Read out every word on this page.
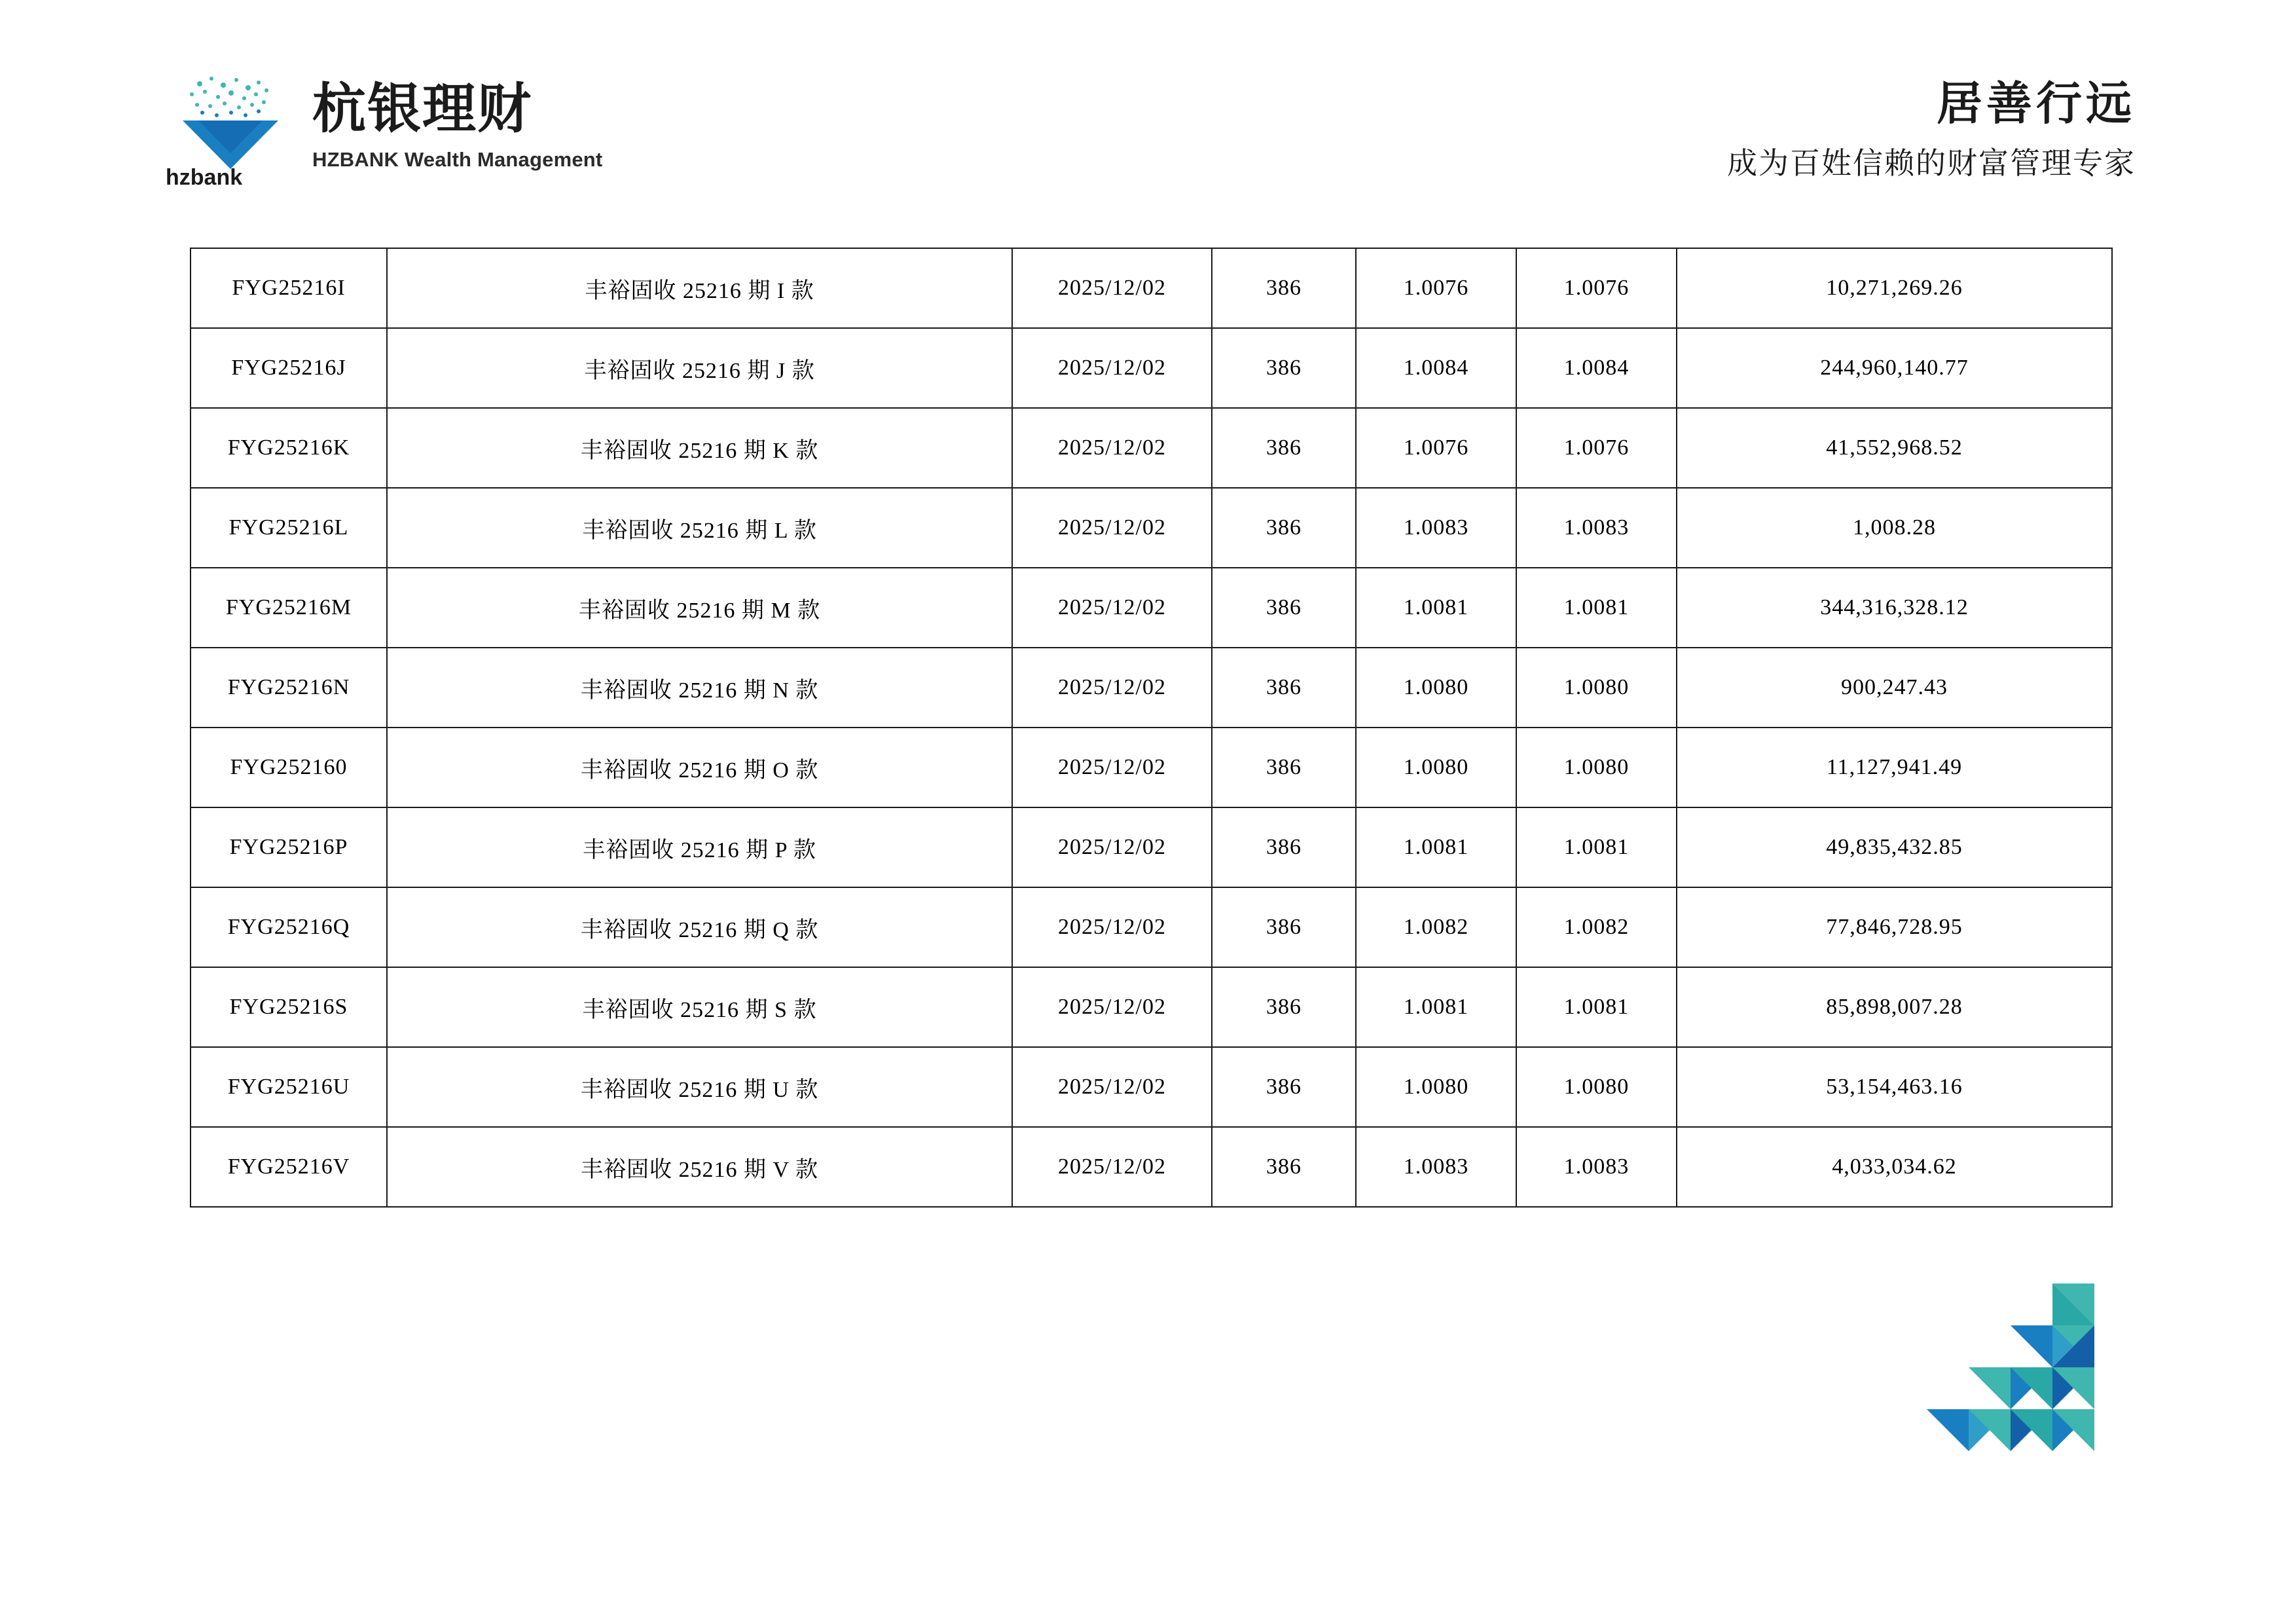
hzbank
杭银理财
HZBANK Wealth Management
居善行远
成为百姓信赖的财富管理专家
FYG25216I	丰裕固收 25216 期 I 款	2025/12/02	386	1.0076	1.0076	10,271,269.26
FYG25216J	丰裕固收 25216 期 J 款	2025/12/02	386	1.0084	1.0084	244,960,140.77
FYG25216K	丰裕固收 25216 期 K 款	2025/12/02	386	1.0076	1.0076	41,552,968.52
FYG25216L	丰裕固收 25216 期 L 款	2025/12/02	386	1.0083	1.0083	1,008.28
FYG25216M	丰裕固收 25216 期 M 款	2025/12/02	386	1.0081	1.0081	344,316,328.12
FYG25216N	丰裕固收 25216 期 N 款	2025/12/02	386	1.0080	1.0080	900,247.43
FYG252160	丰裕固收 25216 期 O 款	2025/12/02	386	1.0080	1.0080	11,127,941.49
FYG25216P	丰裕固收 25216 期 P 款	2025/12/02	386	1.0081	1.0081	49,835,432.85
FYG25216Q	丰裕固收 25216 期 Q 款	2025/12/02	386	1.0082	1.0082	77,846,728.95
FYG25216S	丰裕固收 25216 期 S 款	2025/12/02	386	1.0081	1.0081	85,898,007.28
FYG25216U	丰裕固收 25216 期 U 款	2025/12/02	386	1.0080	1.0080	53,154,463.16
FYG25216V	丰裕固收 25216 期 V 款	2025/12/02	386	1.0083	1.0083	4,033,034.62
